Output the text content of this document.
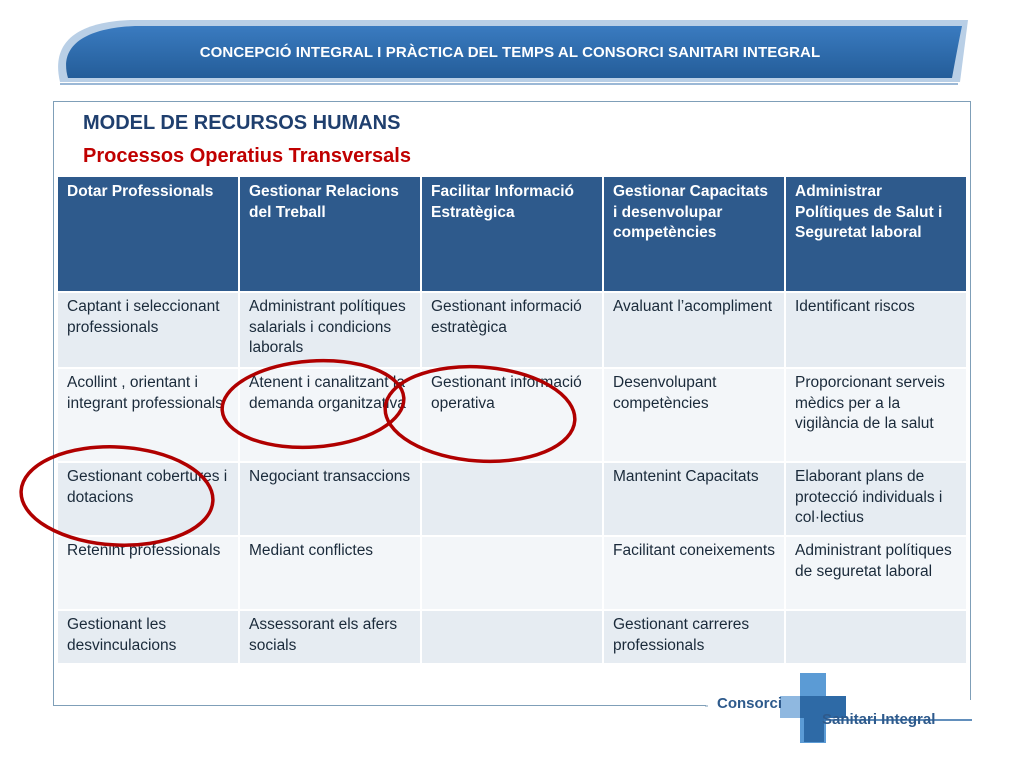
CONCEPCIÓ INTEGRAL I PRÀCTICA DEL TEMPS AL CONSORCI SANITARI INTEGRAL
MODEL DE RECURSOS HUMANS
Processos Operatius Transversals
Dotar Professionals	Gestionar Relacions del Treball	Facilitar Informació Estratègica	Gestionar Capacitats i desenvolupar competències	Administrar Polítiques de Salut i Seguretat laboral
Captant i seleccionant professionals	Administrant polítiques salarials i condicions laborals	Gestionant informació estratègica	Avaluant l’acompliment	Identificant riscos
Acollint , orientant i integrant professionals	Atenent i canalitzant la demanda organitzativa	Gestionant informació operativa	Desenvolupant competències	Proporcionant serveis mèdics per a la vigilància de la salut
Gestionant cobertures i dotacions	Negociant transaccions		Mantenint Capacitats	Elaborant plans de protecció individuals i col·lectius
Retenint professionals	Mediant conflictes		Facilitant coneixements	Administrant polítiques de seguretat laboral
Gestionant les desvinculacions	Assessorant els afers socials		Gestionant carreres professionals	
Consorci
Sanitari Integral
